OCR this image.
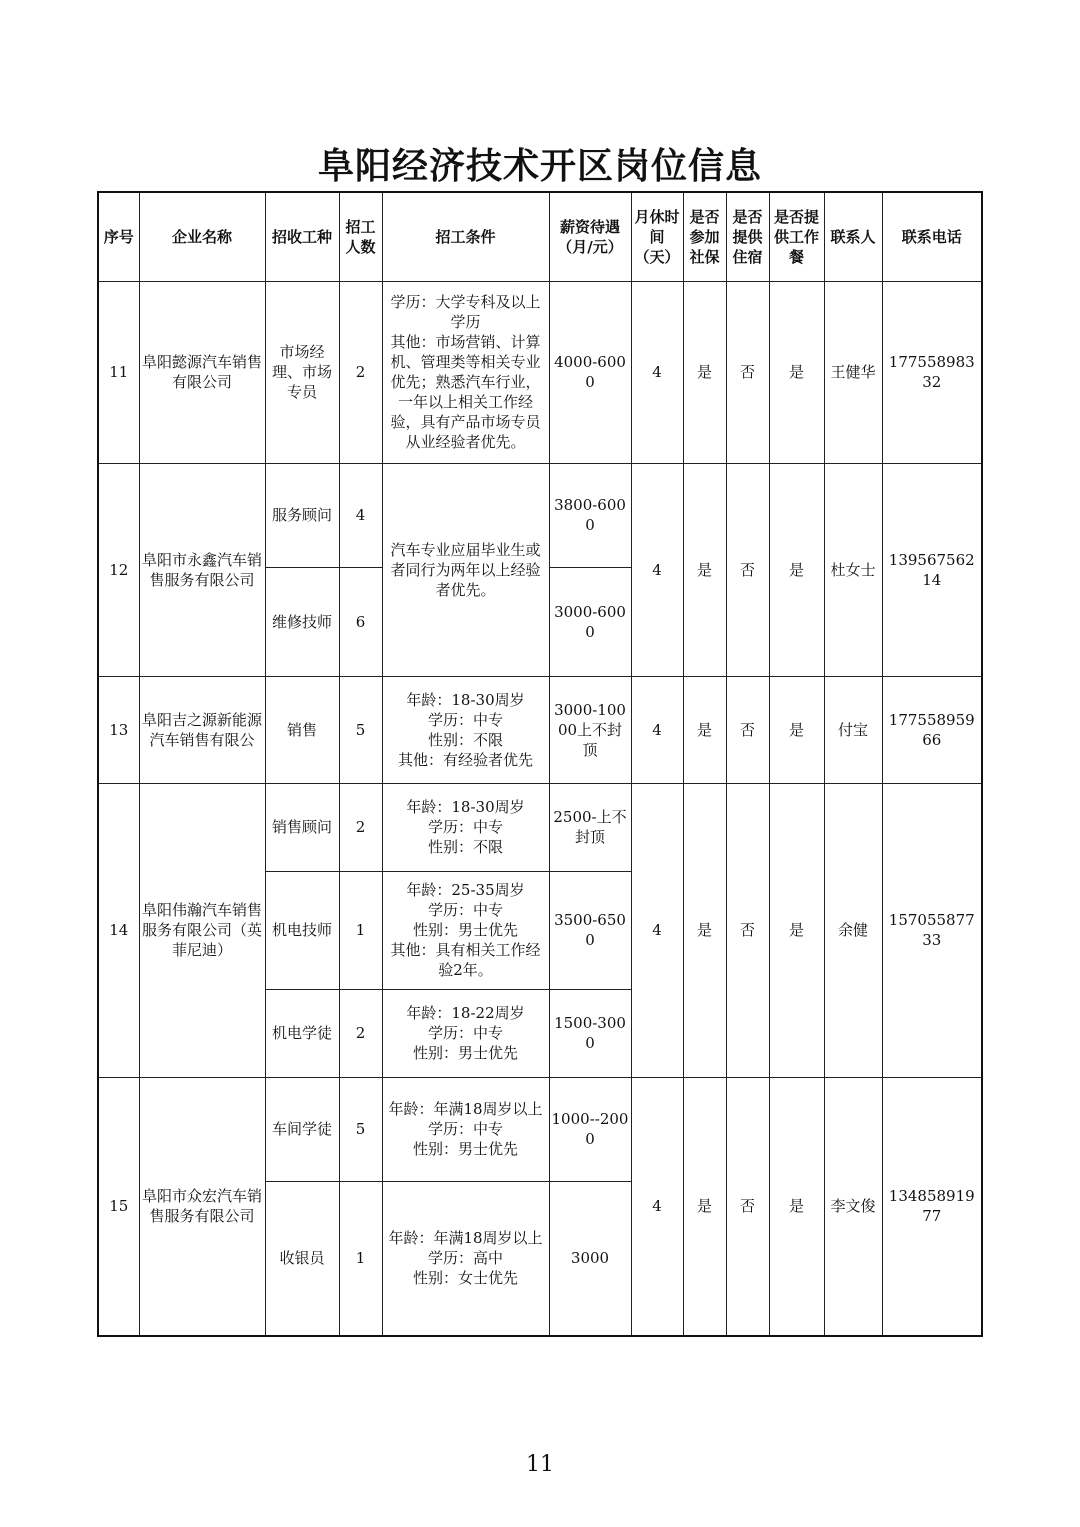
阜阳经济技术开区岗位信息
序号	企业名称	招收工种	招工人数	招工条件	薪资待遇（月/元）	月休时间（天）	是否参加社保	是否提供住宿	是否提供工作餐	联系人	联系电话
11	阜阳懿源汽车销售有限公司	市场经理、市场专员	2	学历：大学专科及以上学历
其他：市场营销、计算机、管理类等相关专业优先；熟悉汽车行业，一年以上相关工作经验，具有产品市场专员从业经验者优先。	4000-6000	4	是	否	是	王健华	17755898332
12	阜阳市永鑫汽车销售服务有限公司	服务顾问	4	汽车专业应届毕业生或者同行为两年以上经验者优先。	3800-6000	4	是	否	是	杜女士	13956756214
		维修技师	6		3000-6000						
13	阜阳吉之源新能源汽车销售有限公	销售	5	年龄：18-30周岁
学历：中专
性别：不限
其他：有经验者优先	3000-10000上不封顶	4	是	否	是	付宝	17755895966
14	阜阳伟瀚汽车销售服务有限公司（英菲尼迪）	销售顾问	2	年龄：18-30周岁
学历：中专
性别：不限	2500-上不封顶	4	是	否	是	余健	15705587733
		机电技师	1	年龄：25-35周岁
学历：中专
性别：男士优先
其他：具有相关工作经验2年。	3500-6500						
		机电学徒	2	年龄：18-22周岁
学历：中专
性别：男士优先	1500-3000						
15	阜阳市众宏汽车销售服务有限公司	车间学徒	5	年龄：年满18周岁以上
学历：中专
性别：男士优先	1000--2000	4	是	否	是	李文俊	13485891977
		收银员	1	年龄：年满18周岁以上
学历：高中
性别：女士优先	3000						
11
